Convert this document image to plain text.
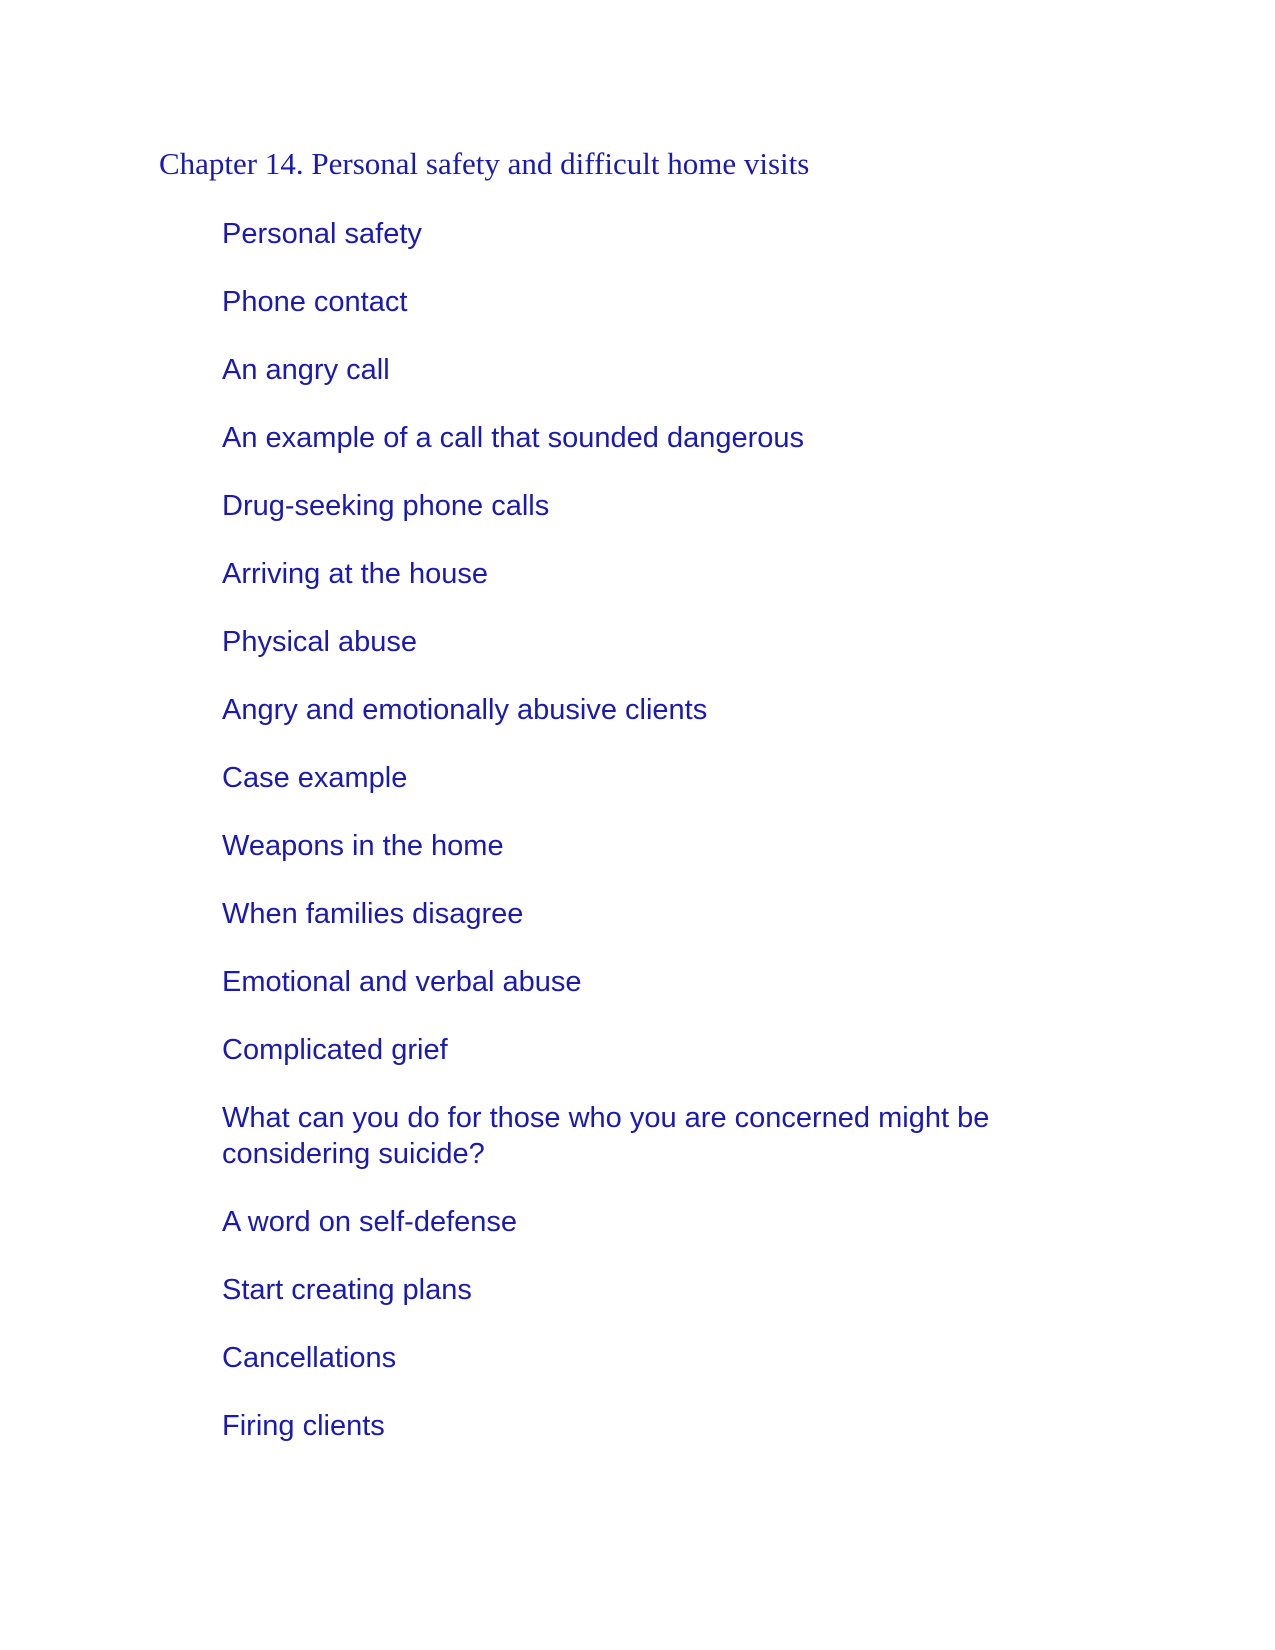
Chapter 14. Personal safety and difficult home visits
Personal safety
Phone contact
An angry call
An example of a call that sounded dangerous
Drug-seeking phone calls
Arriving at the house
Physical abuse
Angry and emotionally abusive clients
Case example
Weapons in the home
When families disagree
Emotional and verbal abuse
Complicated grief
What can you do for those who you are concerned might be considering suicide?
A word on self-defense
Start creating plans
Cancellations
Firing clients
